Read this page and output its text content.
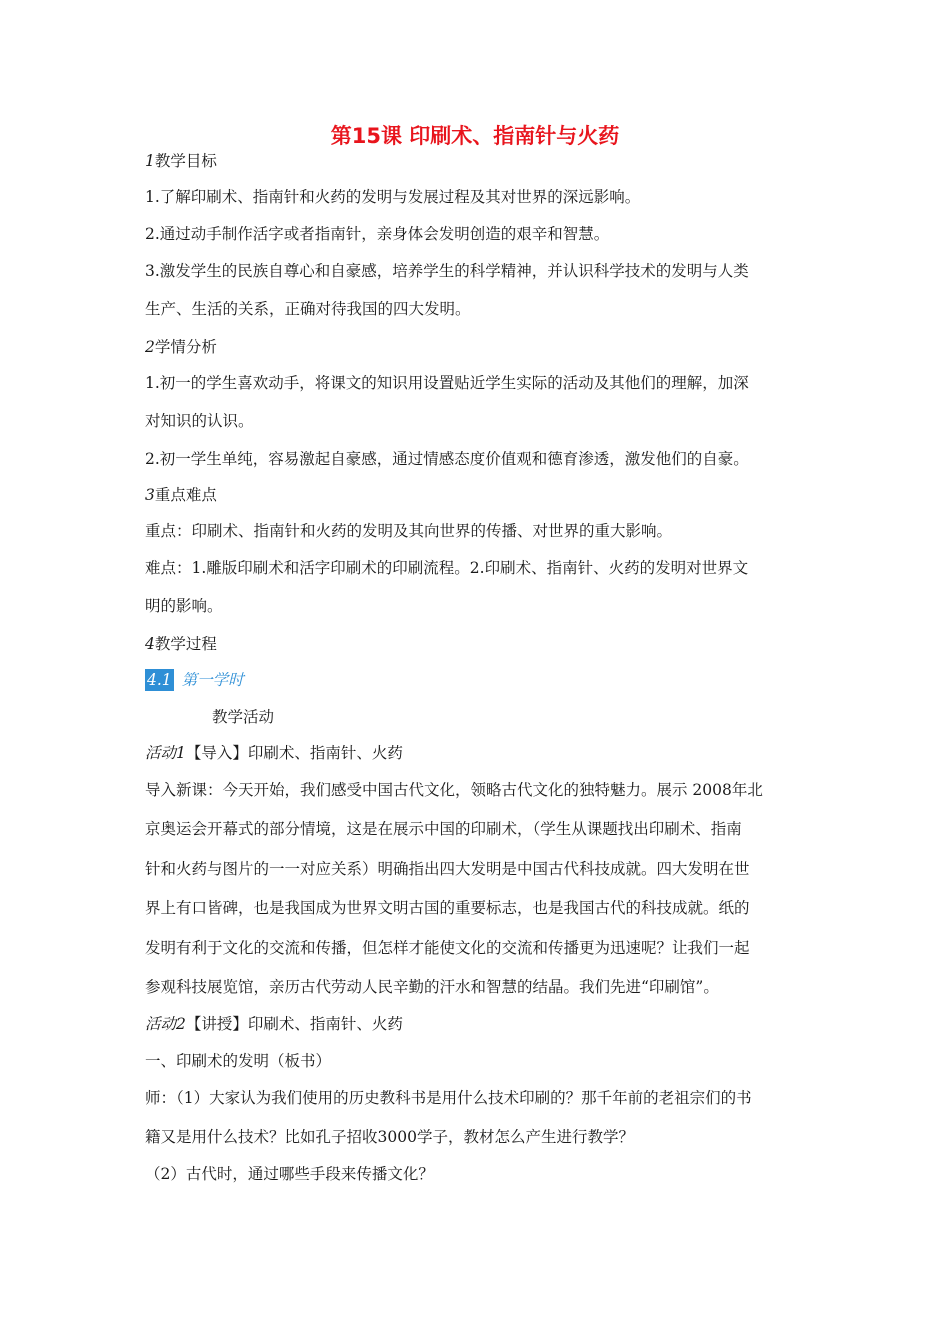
第15课 印刷术、指南针与火药
1教学目标
1.了解印刷术、指南针和火药的发明与发展过程及其对世界的深远影响。
2.通过动手制作活字或者指南针，亲身体会发明创造的艰辛和智慧。
3.激发学生的民族自尊心和自豪感，培养学生的科学精神，并认识科学技术的发明与人类
生产、生活的关系，正确对待我国的四大发明。
2学情分析
1.初一的学生喜欢动手，将课文的知识用设置贴近学生实际的活动及其他们的理解，加深
对知识的认识。
2.初一学生单纯，容易激起自豪感，通过情感态度价值观和德育渗透，激发他们的自豪。
3重点难点
重点：印刷术、指南针和火药的发明及其向世界的传播、对世界的重大影响。
难点：1.雕版印刷术和活字印刷术的印刷流程。2.印刷术、指南针、火药的发明对世界文
明的影响。
4教学过程
4.1 第一学时
教学活动
活动1【导入】印刷术、指南针、火药
导入新课：今天开始，我们感受中国古代文化，领略古代文化的独特魅力。展示 2008年北
京奥运会开幕式的部分情境，这是在展示中国的印刷术，（学生从课题找出印刷术、指南
针和火药与图片的一一对应关系）明确指出四大发明是中国古代科技成就。四大发明在世
界上有口皆碑，也是我国成为世界文明古国的重要标志，也是我国古代的科技成就。纸的
发明有利于文化的交流和传播，但怎样才能使文化的交流和传播更为迅速呢？让我们一起
参观科技展览馆，亲历古代劳动人民辛勤的汗水和智慧的结晶。我们先进“印刷馆”。
活动2【讲授】印刷术、指南针、火药
一、印刷术的发明（板书）
师：（1）大家认为我们使用的历史教科书是用什么技术印刷的？那千年前的老祖宗们的书
籍又是用什么技术？比如孔子招收3000学子，教材怎么产生进行教学？
（2）古代时，通过哪些手段来传播文化？
